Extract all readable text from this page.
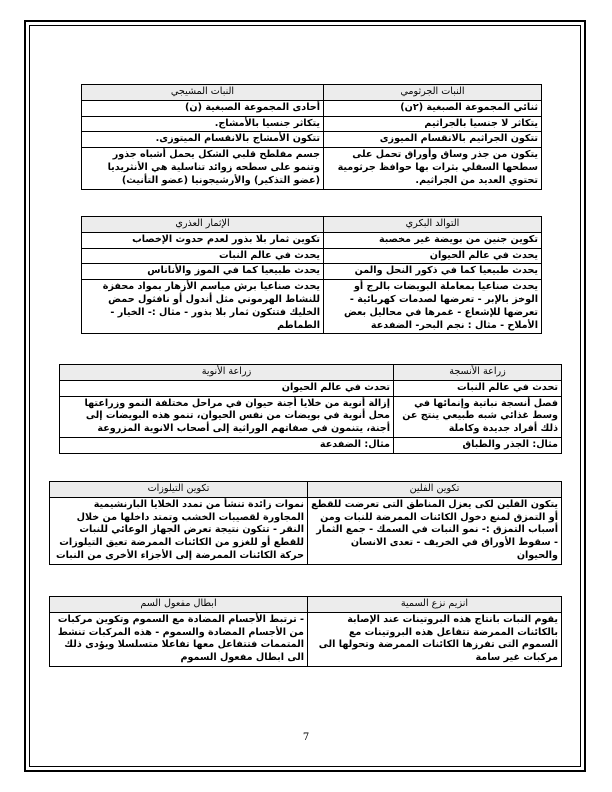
النبات الجرثومي	النبات المشيجي
ثنائي المجموعة الصبغية (٢ن)	أحادى المجموعة الصبغية (ن)
يتكاثر لا جنسيا بالجراثيم	يتكاثر جنسيا بالأمشاج.
تتكون الجراثيم بالانقسام الميوزى	تتكون الأمشاج بالانقسام الميتوزى.
يتكون من جذر وساق وأوراق تحمل على سطحها السفلي بثرات بها حوافظ جرثومية تحتوي العديد من الجراثيم.	جسم مفلطح قلبي الشكل يحمل أشباه جذور وتنمو على سطحه زوائد تناسلية هي الأنثريديا (عضو التذكير) والأرشيجونيا (عضو التأنيث)
التوالد البكري	الإثمار العذري
تكوين جنين من بويضة غير مخصبة	تكوين ثمار بلا بذور لعدم حدوث الإخصاب
يحدث في عالم الحيوان	يحدث في عالم النبات
يحدث طبيعيا كما في ذكور النحل والمن	يحدث طبيعيا كما في الموز والأناناس
يحدث صناعيا بمعاملة البويضات بالرج أو الوخز بالإبر - تعرضها لصدمات كهربائية - تعرضها للإشعاع - غمرها في محاليل بعض الأملاح - مثال : نجم البحر- الضفدعة	يحدث صناعيا برش مياسم الأزهار بمواد محفزة للنشاط الهرموني مثل أندول أو نافثول حمض الخليك فتتكون ثمار بلا بذور - مثال :- الخيار - الطماطم
زراعة الأنسجة	زراعة الأنوية
تحدث في عالم النبات	تحدث في عالم الحيوان
فصل أنسجة نباتية وإنمائها في وسط غذائي شبه طبيعي ينتج عن ذلك أفراد جديدة وكاملة	إزالة أنوية من خلايا أجنة حيوان في مراحل مختلفة النمو وزراعتها محل أنوية في بويضات من نفس الحيوان، تنمو هذه البويضات إلى أجنة، يتنمون في صفاتهم الوراثية إلى أصحاب الانوية المزروعة
مثال: الجذر والطباق	مثال: الضفدعة
تكوين الفلين	تكوين التيلوزات
يتكون الفلين لكى يعزل المناطق التى تعرضت للقطع أو التمزق لمنع دخول الكائنات الممرضة للنبات ومن أسباب التمزق :- نمو النبات في السمك - جمع الثمار - سقوط الأوراق في الخريف - تعدى الانسان والحيوان	نموات زائدة تنشأ من تمدد الخلايا البارنشيمية المجاورة لقصيبات الخشب وتمتد داخلها من خلال النقر - تتكون نتيجة تعرض الجهاز الوعائي للنبات للقطع أو للغزو من الكائنات الممرضة تعيق التيلوزات حركة الكائنات الممرضة إلى الأجزاء الأخرى من النبات
انزيم نزع السمية	ابطال مفعول السم
يقوم النبات بانتاج هذه البروتينات عند الإصابة بالكائنات الممرضة تتفاعل هذه البروتينات مع السموم التى تفرزها الكائنات الممرضة وتحولها الى مركبات غير سامة	- ترتبط الأجسام المضادة مع السموم وتكوين مركبات من الأجسام المضادة والسموم - هذه المركبات تنشط المتممات فتتفاعل معها تفاعلا متسلسلا ويؤدى ذلك الى ابطال مفعول السموم
7
